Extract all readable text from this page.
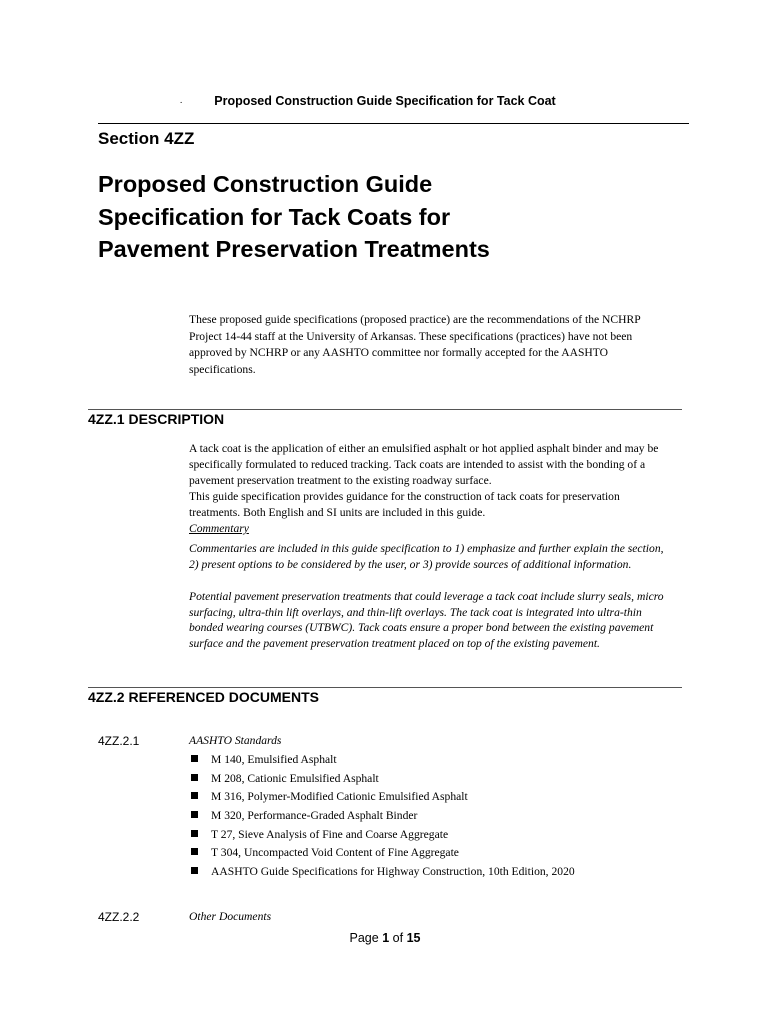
.	Proposed Construction Guide Specification for Tack Coat
Section 4ZZ
Proposed Construction Guide Specification for Tack Coats for Pavement Preservation Treatments
These proposed guide specifications (proposed practice) are the recommendations of the NCHRP Project 14-44 staff at the University of Arkansas. These specifications (practices) have not been approved by NCHRP or any AASHTO committee nor formally accepted for the AASHTO specifications.
4ZZ.1 DESCRIPTION
A tack coat is the application of either an emulsified asphalt or hot applied asphalt binder and may be specifically formulated to reduced tracking. Tack coats are intended to assist with the bonding of a pavement preservation treatment to the existing roadway surface.
This guide specification provides guidance for the construction of tack coats for preservation treatments. Both English and SI units are included in this guide.
Commentary
Commentaries are included in this guide specification to 1) emphasize and further explain the section, 2) present options to be considered by the user, or 3) provide sources of additional information.
Potential pavement preservation treatments that could leverage a tack coat include slurry seals, micro surfacing, ultra-thin lift overlays, and thin-lift overlays. The tack coat is integrated into ultra-thin bonded wearing courses (UTBWC). Tack coats ensure a proper bond between the existing pavement surface and the pavement preservation treatment placed on top of the existing pavement.
4ZZ.2 REFERENCED DOCUMENTS
4ZZ.2.1	AASHTO Standards
M 140, Emulsified Asphalt
M 208, Cationic Emulsified Asphalt
M 316, Polymer-Modified Cationic Emulsified Asphalt
M 320, Performance-Graded Asphalt Binder
T 27, Sieve Analysis of Fine and Coarse Aggregate
T 304, Uncompacted Void Content of Fine Aggregate
AASHTO Guide Specifications for Highway Construction, 10th Edition, 2020
4ZZ.2.2	Other Documents
Page 1 of 15
